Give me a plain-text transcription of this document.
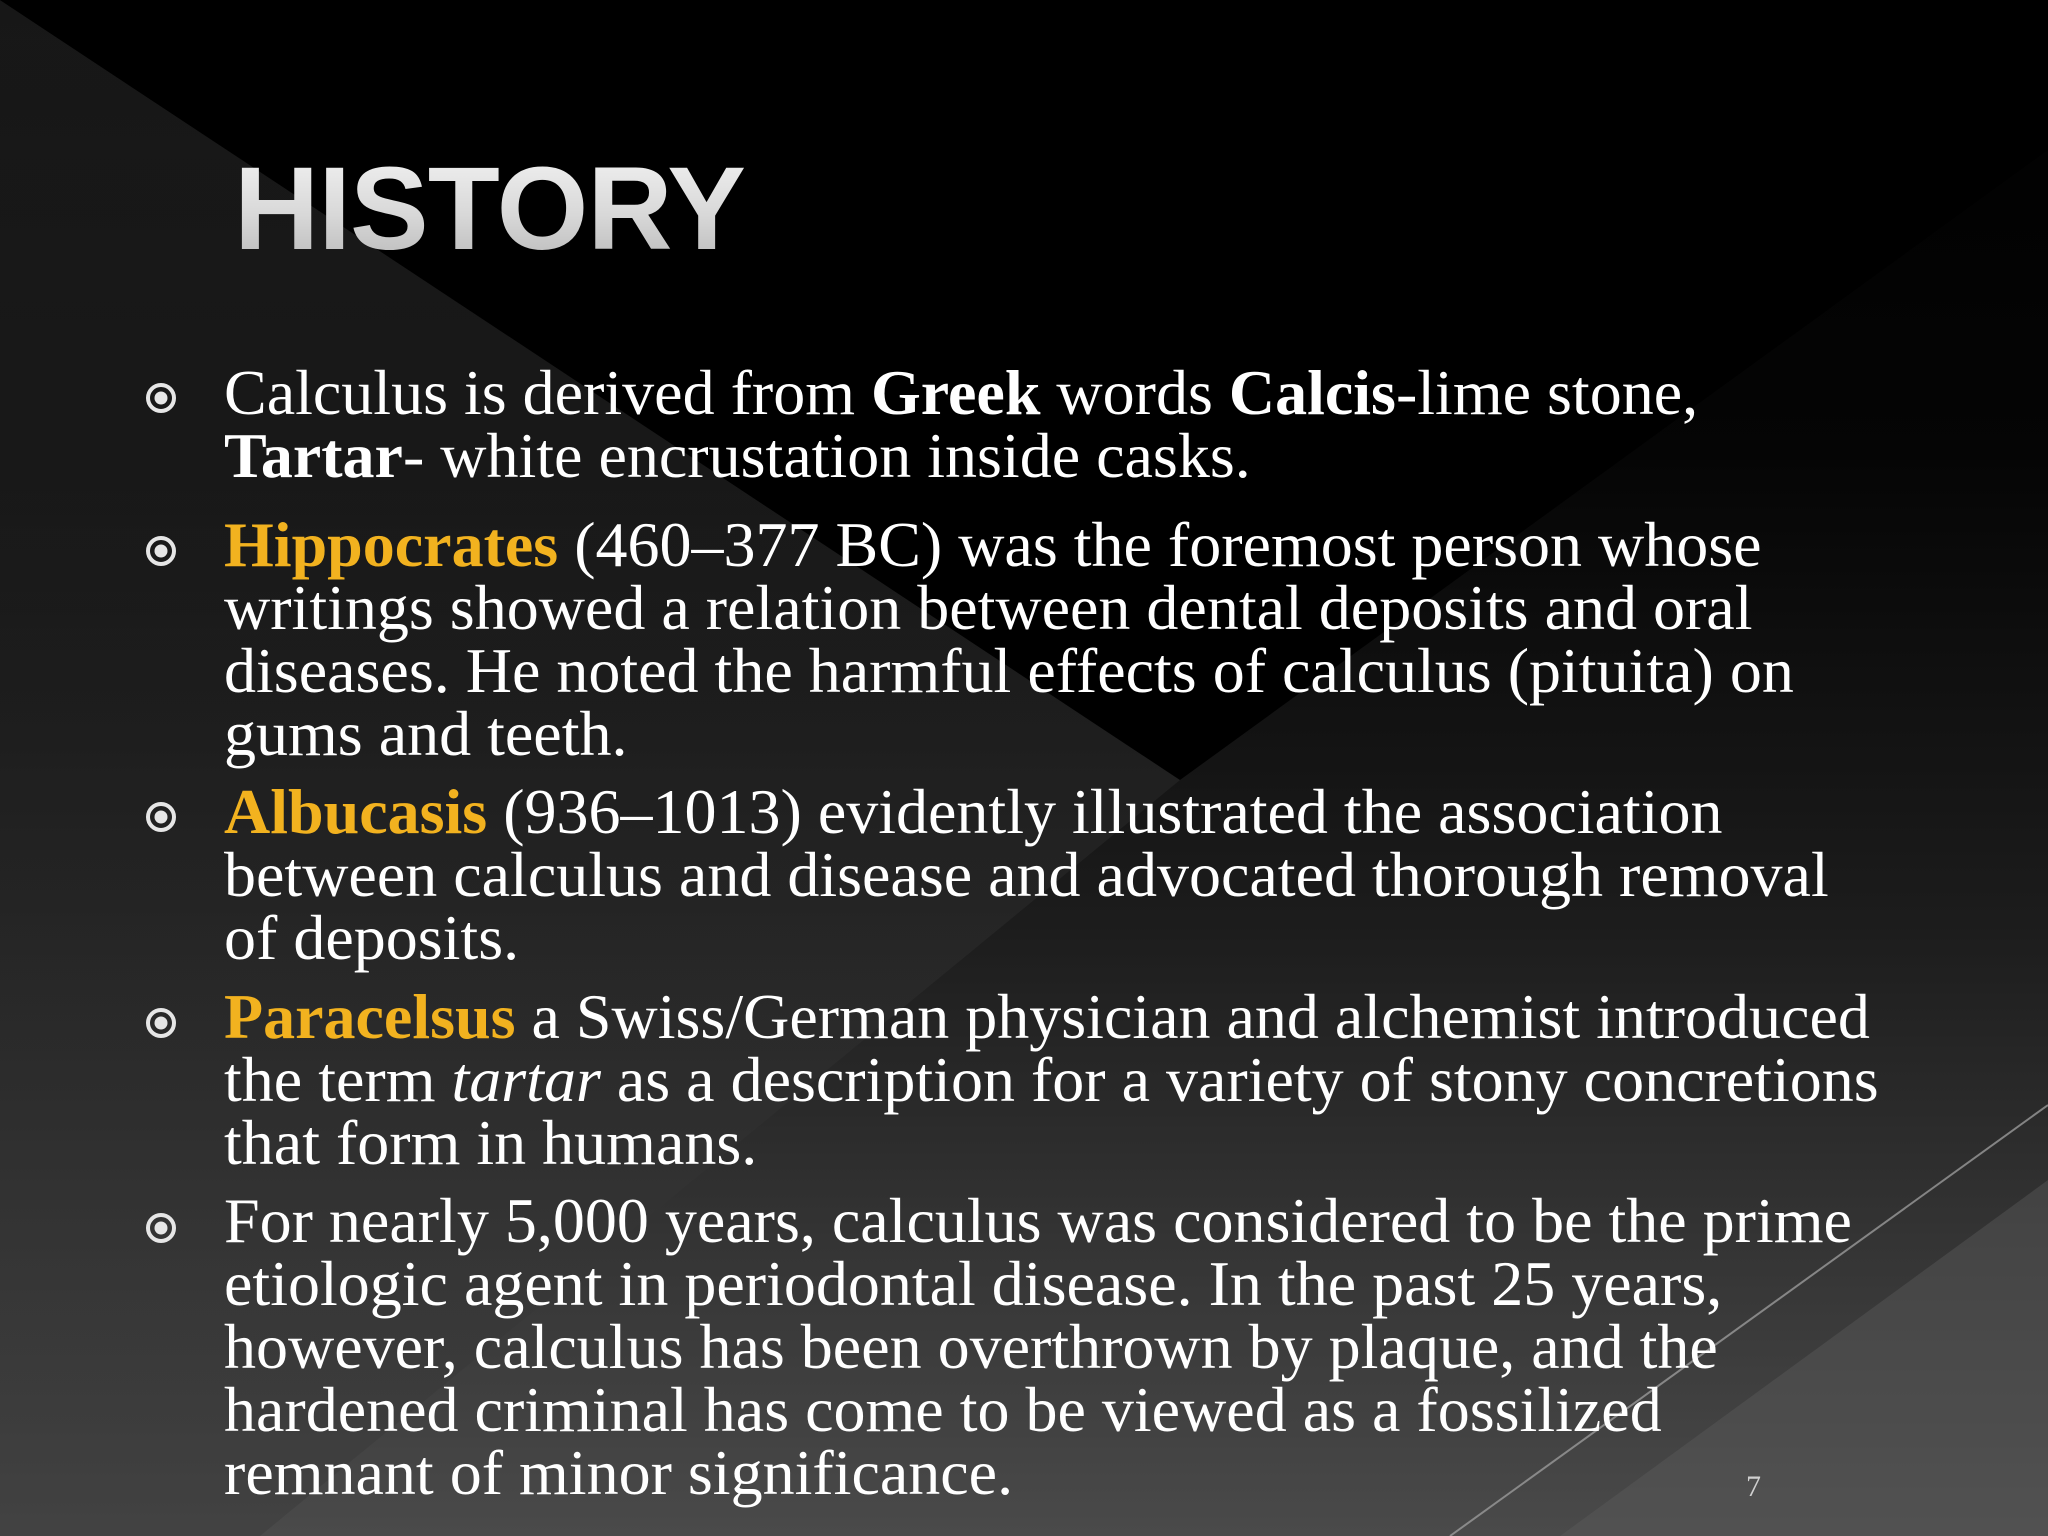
HISTORY
Calculus is derived from Greek words Calcis-lime stone,
Tartar- white encrustation inside casks.
Hippocrates (460–377 BC) was the foremost person whose
writings showed a relation between dental deposits and oral
diseases. He noted the harmful effects of calculus (pituita) on
gums and teeth.
Albucasis (936–1013) evidently illustrated the association
between calculus and disease and advocated thorough removal
of deposits.
Paracelsus a Swiss/German physician and alchemist introduced
the term tartar as a description for a variety of stony concretions
that form in humans.
For nearly 5,000 years, calculus was considered to be the prime
etiologic agent in periodontal disease. In the past 25 years,
however, calculus has been overthrown by plaque, and the
hardened criminal has come to be viewed as a fossilized
remnant of minor significance.	7
